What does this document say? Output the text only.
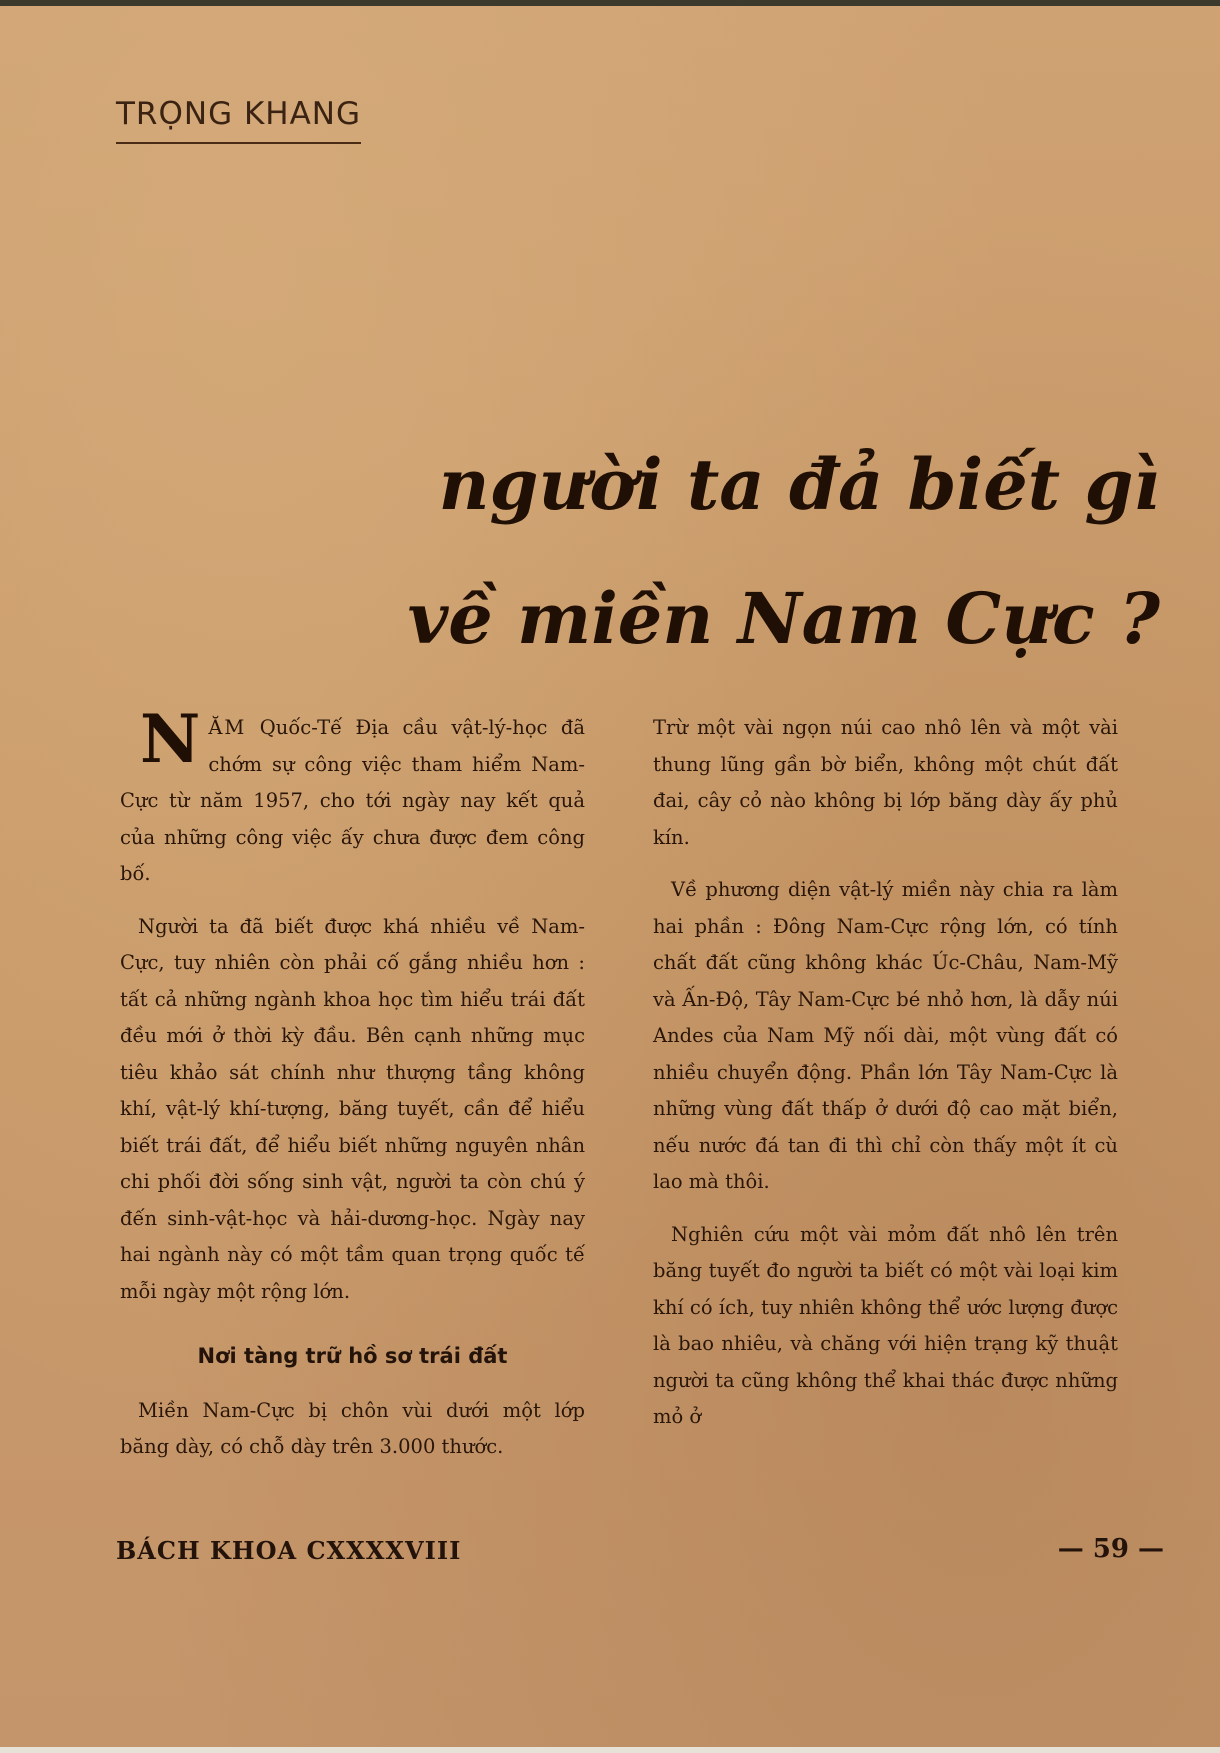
TRỌNG KHANG
người ta đả biết gì
về miền Nam Cực ?

NĂM Quốc-Tế Địa cầu vật-lý-học đã chớm sự công việc tham hiểm Nam-Cực từ năm 1957, cho tới ngày nay kết quả của những công việc ấy chưa được đem công bố.

Người ta đã biết được khá nhiều về Nam-Cực, tuy nhiên còn phải cố gắng nhiều hơn : tất cả những ngành khoa học tìm hiểu trái đất đều mới ở thời kỳ đầu. Bên cạnh những mục tiêu khảo sát chính như thượng tầng không khí, vật-lý khí-tượng, băng tuyết, cần để hiểu biết trái đất, để hiểu biết những nguyên nhân chi phối đời sống sinh vật, người ta còn chú ý đến sinh-vật-học và hải-dương-học. Ngày nay hai ngành này có một tầm quan trọng quốc tế mỗi ngày một rộng lớn.

Nơi tàng trữ hồ sơ trái đất

Miền Nam-Cực bị chôn vùi dưới một lớp băng dày, có chỗ dày trên 3.000 thước.

Trừ một vài ngọn núi cao nhô lên và một vài thung lũng gần bờ biển, không một chút đất đai, cây cỏ nào không bị lớp băng dày ấy phủ kín.

Về phương diện vật-lý miền này chia ra làm hai phần : Đông Nam-Cực rộng lớn, có tính chất đất cũng không khác Úc-Châu, Nam-Mỹ và Ấn-Độ, Tây Nam-Cực bé nhỏ hơn, là dẫy núi Andes của Nam Mỹ nối dài, một vùng đất có nhiều chuyển động. Phần lớn Tây Nam-Cực là những vùng đất thấp ở dưới độ cao mặt biển, nếu nước đá tan đi thì chỉ còn thấy một ít cù lao mà thôi.

Nghiên cứu một vài mỏm đất nhô lên trên băng tuyết đo người ta biết có một vài loại kim khí có ích, tuy nhiên không thể ước lượng được là bao nhiêu, và chăng với hiện trạng kỹ thuật người ta cũng không thể khai thác được những mỏ ở

BÁCH KHOA CXXXXVIII	— 59 —
